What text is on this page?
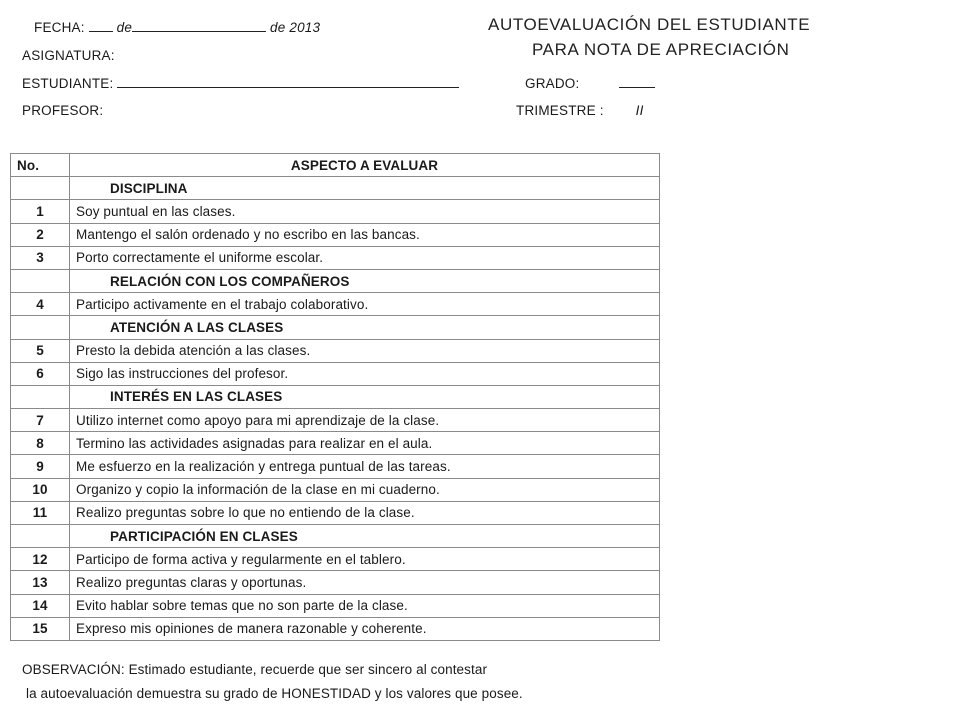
FECHA: de	de 2013
ASIGNATURA:
ESTUDIANTE:
PROFESOR:
AUTOEVALUACIÓN DEL ESTUDIANTE
PARA NOTA DE APRECIACIÓN
GRADO:
TRIMESTRE : II
No.	ASPECTO A EVALUAR
	DISCIPLINA
1	Soy puntual en las clases.
2	Mantengo el salón ordenado y no escribo en las bancas.
3	Porto correctamente el uniforme escolar.
	RELACIÓN CON LOS COMPAÑEROS
4	Participo activamente en el trabajo colaborativo.
	ATENCIÓN A LAS CLASES
5	Presto la debida atención a las clases.
6	Sigo las instrucciones del profesor.
	INTERÉS EN LAS CLASES
7	Utilizo internet como apoyo para mi aprendizaje de la clase.
8	Termino las actividades asignadas para realizar en el aula.
9	Me esfuerzo en la realización y entrega puntual de las tareas.
10	Organizo y copio la información de la clase en mi cuaderno.
11	Realizo preguntas sobre lo que no entiendo de la clase.
	PARTICIPACIÓN EN CLASES
12	Participo de forma activa y regularmente en el tablero.
13	Realizo preguntas claras y oportunas.
14	Evito hablar sobre temas que no son parte de la clase.
15	Expreso mis opiniones de manera razonable y coherente.
OBSERVACIÓN: Estimado estudiante, recuerde que ser sincero al contestar
la autoevaluación demuestra su grado de HONESTIDAD y los valores que posee.
